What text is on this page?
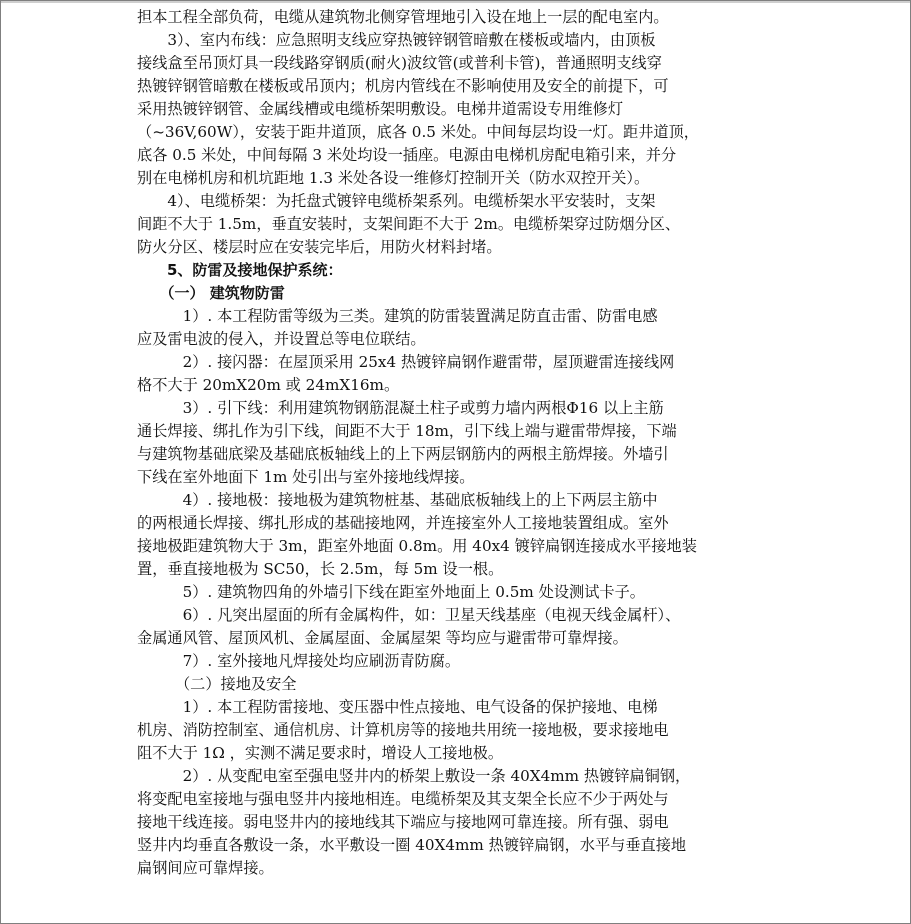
担本工程全部负荷，电缆从建筑物北侧穿管埋地引入设在地上一层的配电室内。
　　3）、室内布线：应急照明支线应穿热镀锌钢管暗敷在楼板或墙内，由顶板
接线盒至吊顶灯具一段线路穿钢质(耐火)波纹管(或普利卡管)，普通照明支线穿
热镀锌钢管暗敷在楼板或吊顶内；机房内管线在不影响使用及安全的前提下，可
采用热镀锌钢管、金属线槽或电缆桥架明敷设。电梯井道需设专用维修灯
（~36V,60W），安装于距井道顶，底各 0.5 米处。中间每层均设一灯。距井道顶，
底各 0.5 米处，中间每隔 3 米处均设一插座。电源由电梯机房配电箱引来，并分
别在电梯机房和机坑距地 1.3 米处各设一维修灯控制开关（防水双控开关）。
　　4）、电缆桥架：为托盘式镀锌电缆桥架系列。电缆桥架水平安装时，支架
间距不大于 1.5m，垂直安装时，支架间距不大于 2m。电缆桥架穿过防烟分区、
防火分区、楼层时应在安装完毕后，用防火材料封堵。
　　5、防雷及接地保护系统：
　　（一） 建筑物防雷
　　　1）. 本工程防雷等级为三类。建筑的防雷装置满足防直击雷、防雷电感
应及雷电波的侵入，并设置总等电位联结。
　　　2）. 接闪器：在屋顶采用 25x4 热镀锌扁钢作避雷带，屋顶避雷连接线网
格不大于 20mX20m 或 24mX16m。
　　　3）. 引下线：利用建筑物钢筋混凝土柱子或剪力墙内两根Φ16 以上主筋
通长焊接、绑扎作为引下线，间距不大于 18m，引下线上端与避雷带焊接，下端
与建筑物基础底梁及基础底板轴线上的上下两层钢筋内的两根主筋焊接。外墙引
下线在室外地面下 1m 处引出与室外接地线焊接。
　　　4）. 接地极：接地极为建筑物桩基、基础底板轴线上的上下两层主筋中
的两根通长焊接、绑扎形成的基础接地网，并连接室外人工接地装置组成。室外
接地极距建筑物大于 3m，距室外地面 0.8m。用 40x4 镀锌扁钢连接成水平接地装
置，垂直接地极为 SC50，长 2.5m，每 5m 设一根。
　　　5）. 建筑物四角的外墙引下线在距室外地面上 0.5m 处设测试卡子。
　　　6）. 凡突出屋面的所有金属构件，如：卫星天线基座（电视天线金属杆）、
金属通风管、屋顶风机、金属屋面、金属屋架 等均应与避雷带可靠焊接。
　　　7）. 室外接地凡焊接处均应刷沥青防腐。
　　　（二）接地及安全
　　　1）. 本工程防雷接地、变压器中性点接地、电气设备的保护接地、电梯
机房、消防控制室、通信机房、计算机房等的接地共用统一接地极，要求接地电
阻不大于 1Ω ，实测不满足要求时，增设人工接地极。
　　　2）. 从变配电室至强电竖井内的桥架上敷设一条 40X4mm 热镀锌扁铜钢，
将变配电室接地与强电竖井内接地相连。电缆桥架及其支架全长应不少于两处与
接地干线连接。弱电竖井内的接地线其下端应与接地网可靠连接。所有强、弱电
竖井内均垂直各敷设一条，水平敷设一圈 40X4mm 热镀锌扁钢，水平与垂直接地
扁钢间应可靠焊接。
